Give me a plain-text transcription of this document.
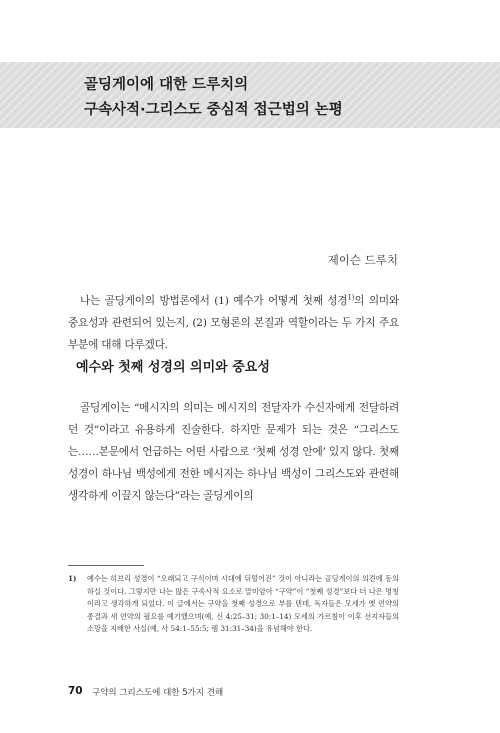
골딩게이에 대한 드루치의
구속사적·그리스도 중심적 접근법의 논평
제이슨 드루치

나는 골딩게이의 방법론에서 (1) 예수가 어떻게 첫째 성경$^{1)}$의 의미와 중요성과 관련되어 있는지, (2) 모형론의 본질과 역할이라는 두 가지 주요 부분에 대해 다루겠다.

예수와 첫째 성경의 의미와 중요성

골딩게이는 “메시지의 의미는 메시지의 전달자가 수신자에게 전달하려던 것”이라고 유용하게 진술한다. 하지만 문제가 되는 것은 “그리스도는……본문에서 언급하는 어떤 사람으로 ‘첫째 성경 안에’ 있지 않다. 첫째 성경이 하나님 백성에게 전한 메시지는 하나님 백성이 그리스도와 관련해 생각하게 이끌지 않는다”라는 골딩게이의

1) 예수는 히브리 성경이 “오래되고 구식이며 시대에 뒤떨어진” 것이 아니라는 골딩게이의 의견에 동의하실 것이다. 그렇지만 나는 많은 구속사적 요소로 말미암아 “구약”이 “첫째 성경”보다 더 나은 명칭이라고 생각하게 되었다. 이 글에서는 구약을 첫째 성경으로 부를 텐데, 독자들은 모세가 옛 언약의 종결과 새 언약의 필요를 예기했으며(예, 신 4:25–31; 30:1–14) 모세의 가르침이 이후 선지자들의 소망을 지배한 사실(예, 사 54:1–55:5; 렘 31:31–34)을 유념해야 한다.
70 구약의 그리스도에 대한 5가지 견해
